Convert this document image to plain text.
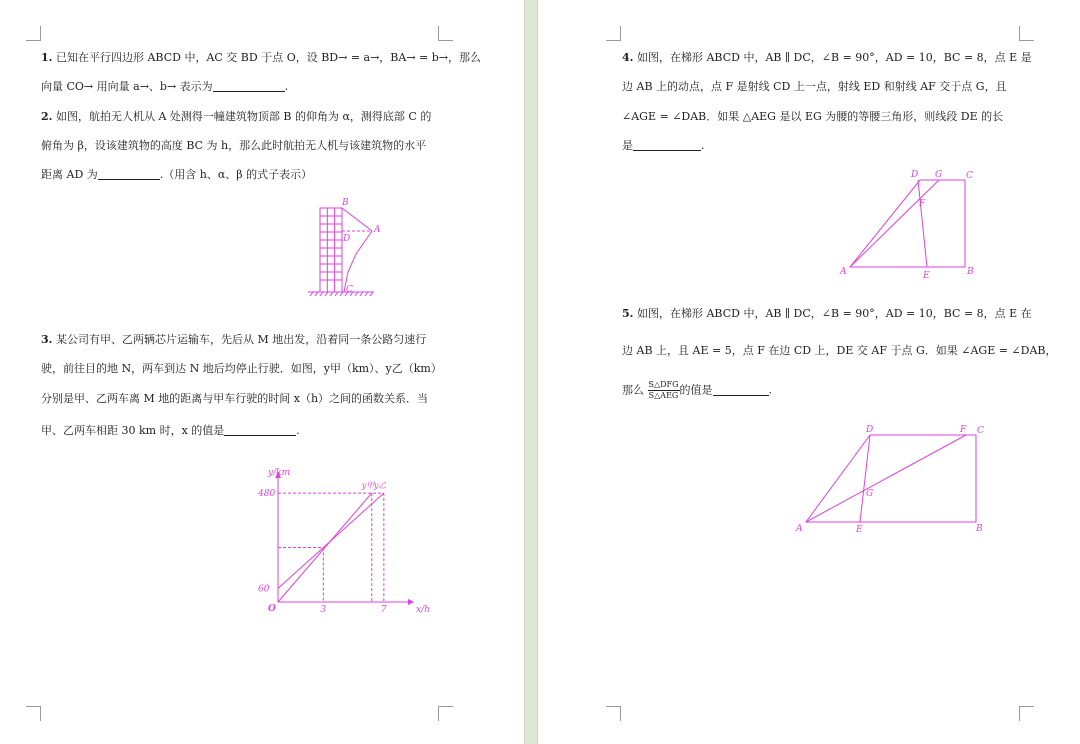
1. 已知在平行四边形 ABCD 中，AC 交 BD 于点 O，设 BD→ = a→，BA→ = b→，那么
向量 CO→ 用向量 a→、b→ 表示为	.
2. 如图，航拍无人机从 A 处测得一幢建筑物顶部 B 的仰角为 α，测得底部 C 的
俯角为 β，设该建筑物的高度 BC 为 h，那么此时航拍无人机与该建筑物的水平
距离 AD 为	.（用含 h、α、β 的式子表示）
B
D
A
C
3. 某公司有甲、乙两辆芯片运输车，先后从 M 地出发，沿着同一条公路匀速行
驶，前往目的地 N，两车到达 N 地后均停止行驶．如图，y甲（km）、y乙（km）
分别是甲、乙两车离 M 地的距离与甲车行驶的时间 x（h）之间的函数关系．当
甲、乙两车相距 30 km 时，x 的值是	.
y/km
x/h
O	3	7
60
480
y甲 y乙
4. 如图，在梯形 ABCD 中，AB ∥ DC，∠B = 90°，AD = 10，BC = 8，点 E 是
边 AB 上的动点，点 F 是射线 CD 上一点，射线 ED 和射线 AF 交于点 G，且
∠AGE = ∠DAB．如果 △AEG 是以 EG 为腰的等腰三角形，则线段 DE 的长
是	.
D G	C
F
A	E	B
5. 如图，在梯形 ABCD 中，AB ∥ DC，∠B = 90°，AD = 10，BC = 8，点 E 在
边 AB 上，且 AE = 5，点 F 在边 CD 上，DE 交 AF 于点 G．如果 ∠AGE = ∠DAB，
那么 S△DFG
S△AEG 的值是	.
D	F C
G
A	E	B
